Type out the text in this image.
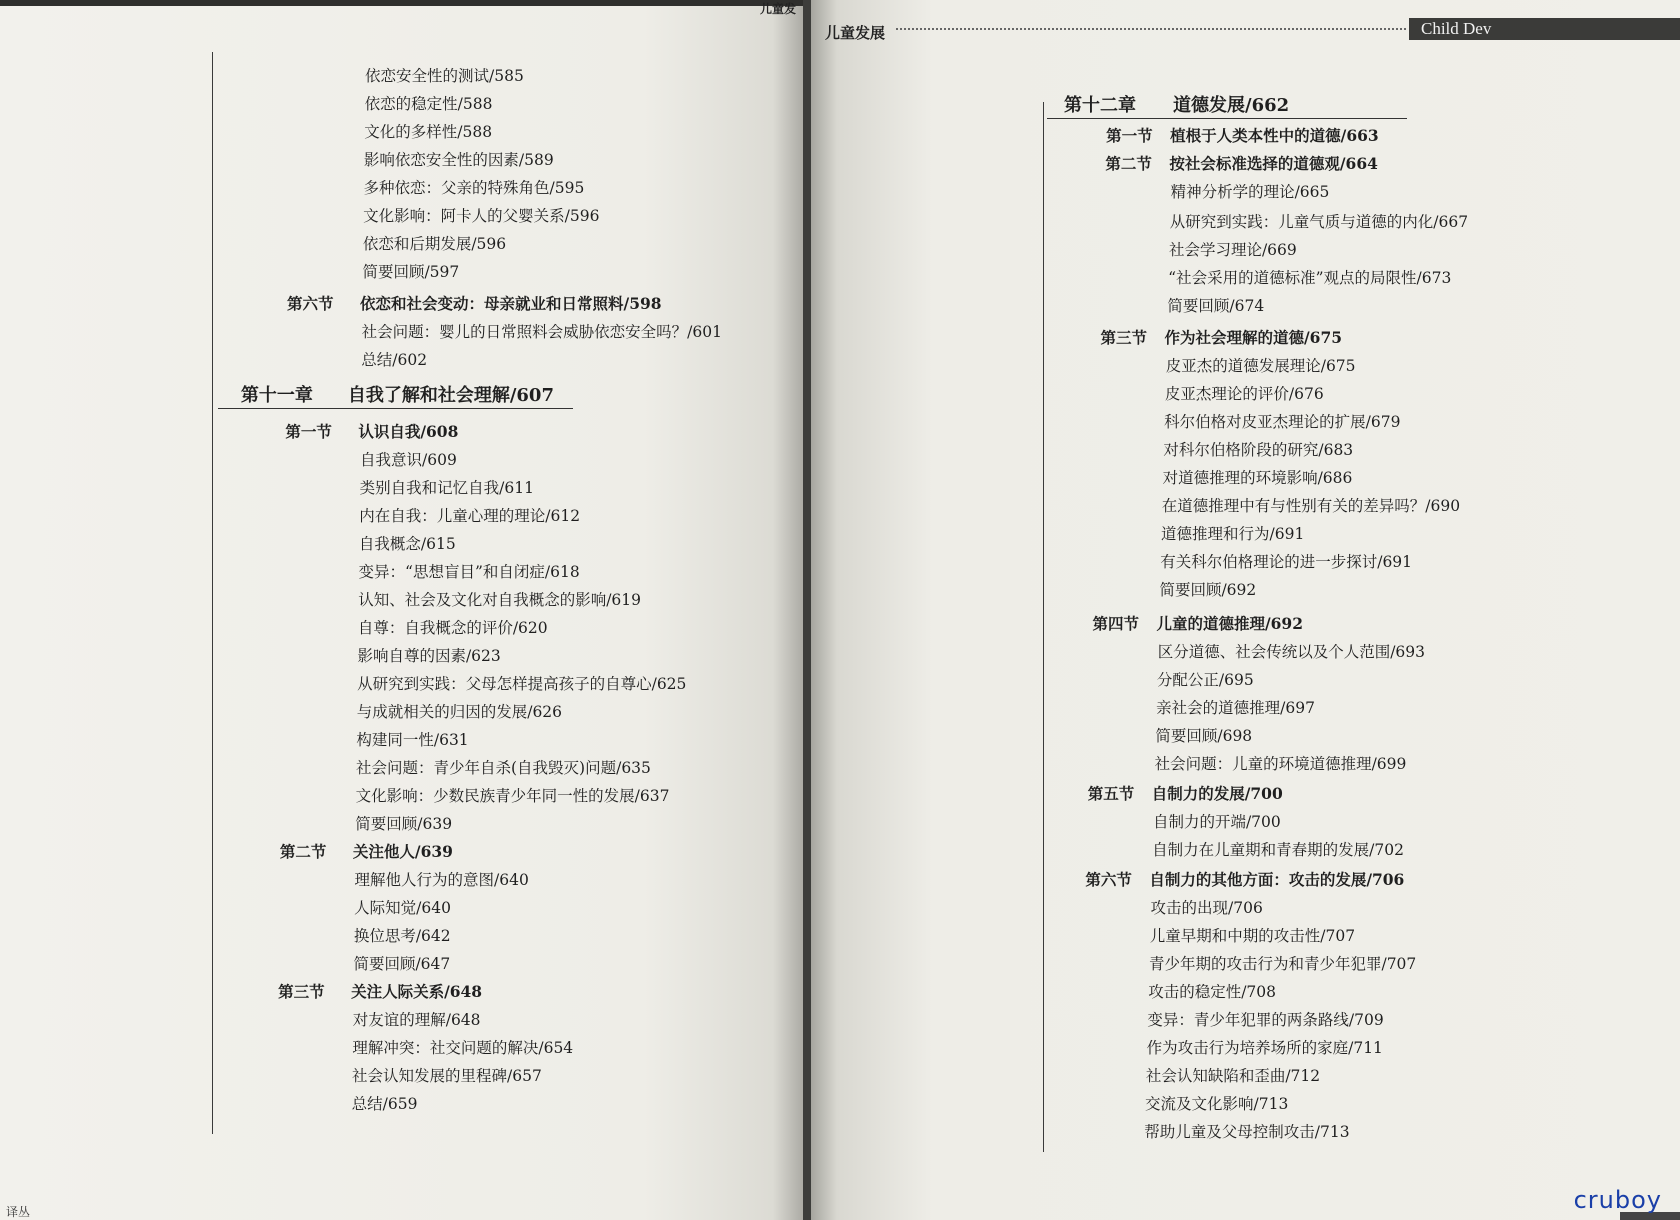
儿童发
依恋安全性的测试/585
依恋的稳定性/588
文化的多样性/588
影响依恋安全性的因素/589
多种依恋：父亲的特殊角色/595
文化影响：阿卡人的父婴关系/596
依恋和后期发展/596
简要回顾/597
第六节 依恋和社会变动：母亲就业和日常照料/598
社会问题：婴儿的日常照料会威胁依恋安全吗？/601
总结/602
第十一章 自我了解和社会理解/607
第一节 认识自我/608
自我意识/609
类别自我和记忆自我/611
内在自我：儿童心理的理论/612
自我概念/615
变异：“思想盲目”和自闭症/618
认知、社会及文化对自我概念的影响/619
自尊：自我概念的评价/620
影响自尊的因素/623
从研究到实践：父母怎样提高孩子的自尊心/625
与成就相关的归因的发展/626
构建同一性/631
社会问题：青少年自杀(自我毁灭)问题/635
文化影响：少数民族青少年同一性的发展/637
简要回顾/639
第二节 关注他人/639
理解他人行为的意图/640
人际知觉/640
换位思考/642
简要回顾/647
第三节 关注人际关系/648
对友谊的理解/648
理解冲突：社交问题的解决/654
社会认知发展的里程碑/657
总结/659
译丛
儿童发展	Child Dev
第十二章 道德发展/662
第一节 植根于人类本性中的道德/663
第二节 按社会标准选择的道德观/664
精神分析学的理论/665
从研究到实践：儿童气质与道德的内化/667
社会学习理论/669
“社会采用的道德标准”观点的局限性/673
简要回顾/674
第三节 作为社会理解的道德/675
皮亚杰的道德发展理论/675
皮亚杰理论的评价/676
科尔伯格对皮亚杰理论的扩展/679
对科尔伯格阶段的研究/683
对道德推理的环境影响/686
在道德推理中有与性别有关的差异吗？/690
道德推理和行为/691
有关科尔伯格理论的进一步探讨/691
简要回顾/692
第四节 儿童的道德推理/692
区分道德、社会传统以及个人范围/693
分配公正/695
亲社会的道德推理/697
简要回顾/698
社会问题：儿童的环境道德推理/699
第五节 自制力的发展/700
自制力的开端/700
自制力在儿童期和青春期的发展/702
第六节 自制力的其他方面：攻击的发展/706
攻击的出现/706
儿童早期和中期的攻击性/707
青少年期的攻击行为和青少年犯罪/707
攻击的稳定性/708
变异：青少年犯罪的两条路线/709
作为攻击行为培养场所的家庭/711
社会认知缺陷和歪曲/712
交流及文化影响/713
帮助儿童及父母控制攻击/713
cruboy
